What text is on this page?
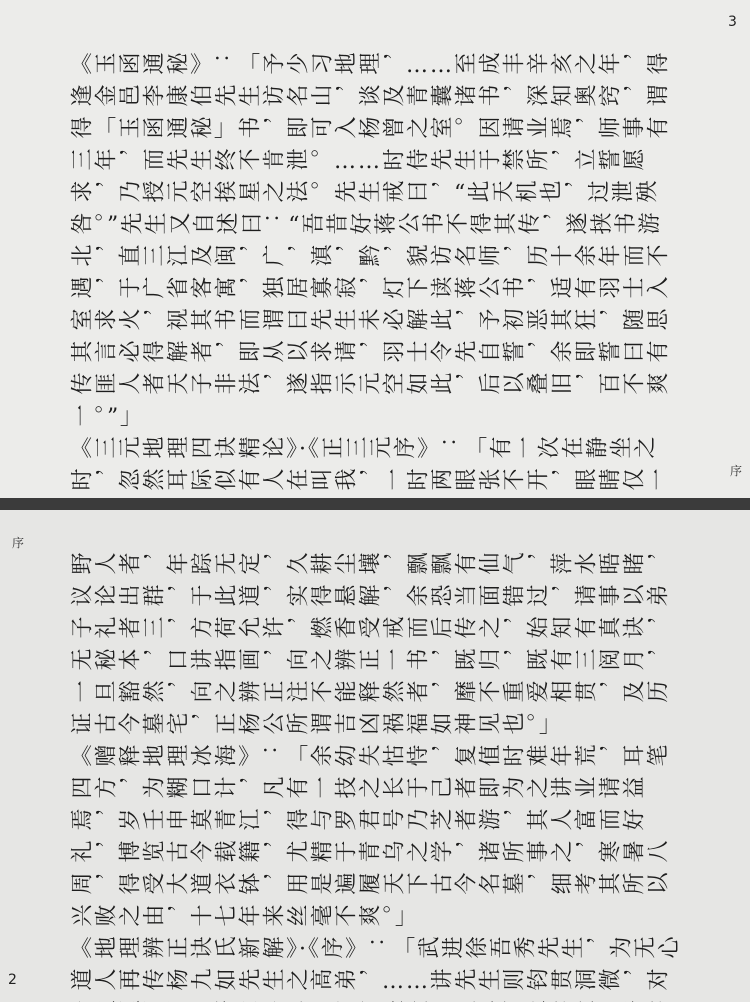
《玉函通秘》：「予少习地理，……至成丰辛亥之年，得逢金邑李康伯先生访名山，谈及青囊诸书，深知奥窍，谓得「玉函通秘」书，即可入杨曾之室。因请业焉，师事有三年，而先生终不肯泄。……时侍先生于禁所，立誓愿求，乃授元空挨星之法。先生戒曰，“此天机也，过泄殃咎。”先生又自述曰：“吾昔好蒋公书不得其传，遂挟书游北，直三江及闽，广，滇，黔，貌访名师，历十余年而不遇，于广省客寓，独居寡寂，灯下读蒋公书，适有羽士入室求火，视其书而谓曰先生未必解此，予初恶其狂，随思其言必得解者，即从以求请，羽士令先自誓，余即誓曰有传匪人者天子非法，遂指示元空如此，后以叠旧，百不爽一。”」

《三元地理四诀精论》·《正三元序》：「有一次在静坐之时，忽然耳际似有人在叫我，一时两眼张不开，眼睛仅一

3
序

野人者，年踪无定，久耕尘壤，飘飘有仙气，萍水晤睹，议论出群，于此道，实得悬解，余恐当面错过，请事以弟子礼者三，方荷允许，燃香受戒而后传之，始知有真诀，无秘本，口讲指画，向之辨正一书，既归，既有三阅月，一旦豁然，向之辨正注不能释然者，靡不重爱相贯，及历证古今墓宅，正杨公所谓吉凶祸福如神见也。」

《赠释地理冰海》：「余幼失怙恃，复值时难年荒，耳笔四方，为糊口计，凡有一技之长于己者即为之讲业请益焉，岁壬申莫青江，得与罗君号乃芝者游，其人富而好礼，博览古今载籍，尤精于青乌之学，诸所事之，寒暑八周，得受大道衣钵，用是遍履天下古今名墓，细考其所以兴败之由，十七年来丝毫不爽。」

《地理辨正诀氏新解》·《序》：「武进徐吾秀先生，为无心道人再传杨九如先生之高弟，……讲先生则钧贯洞微，对

2
序
